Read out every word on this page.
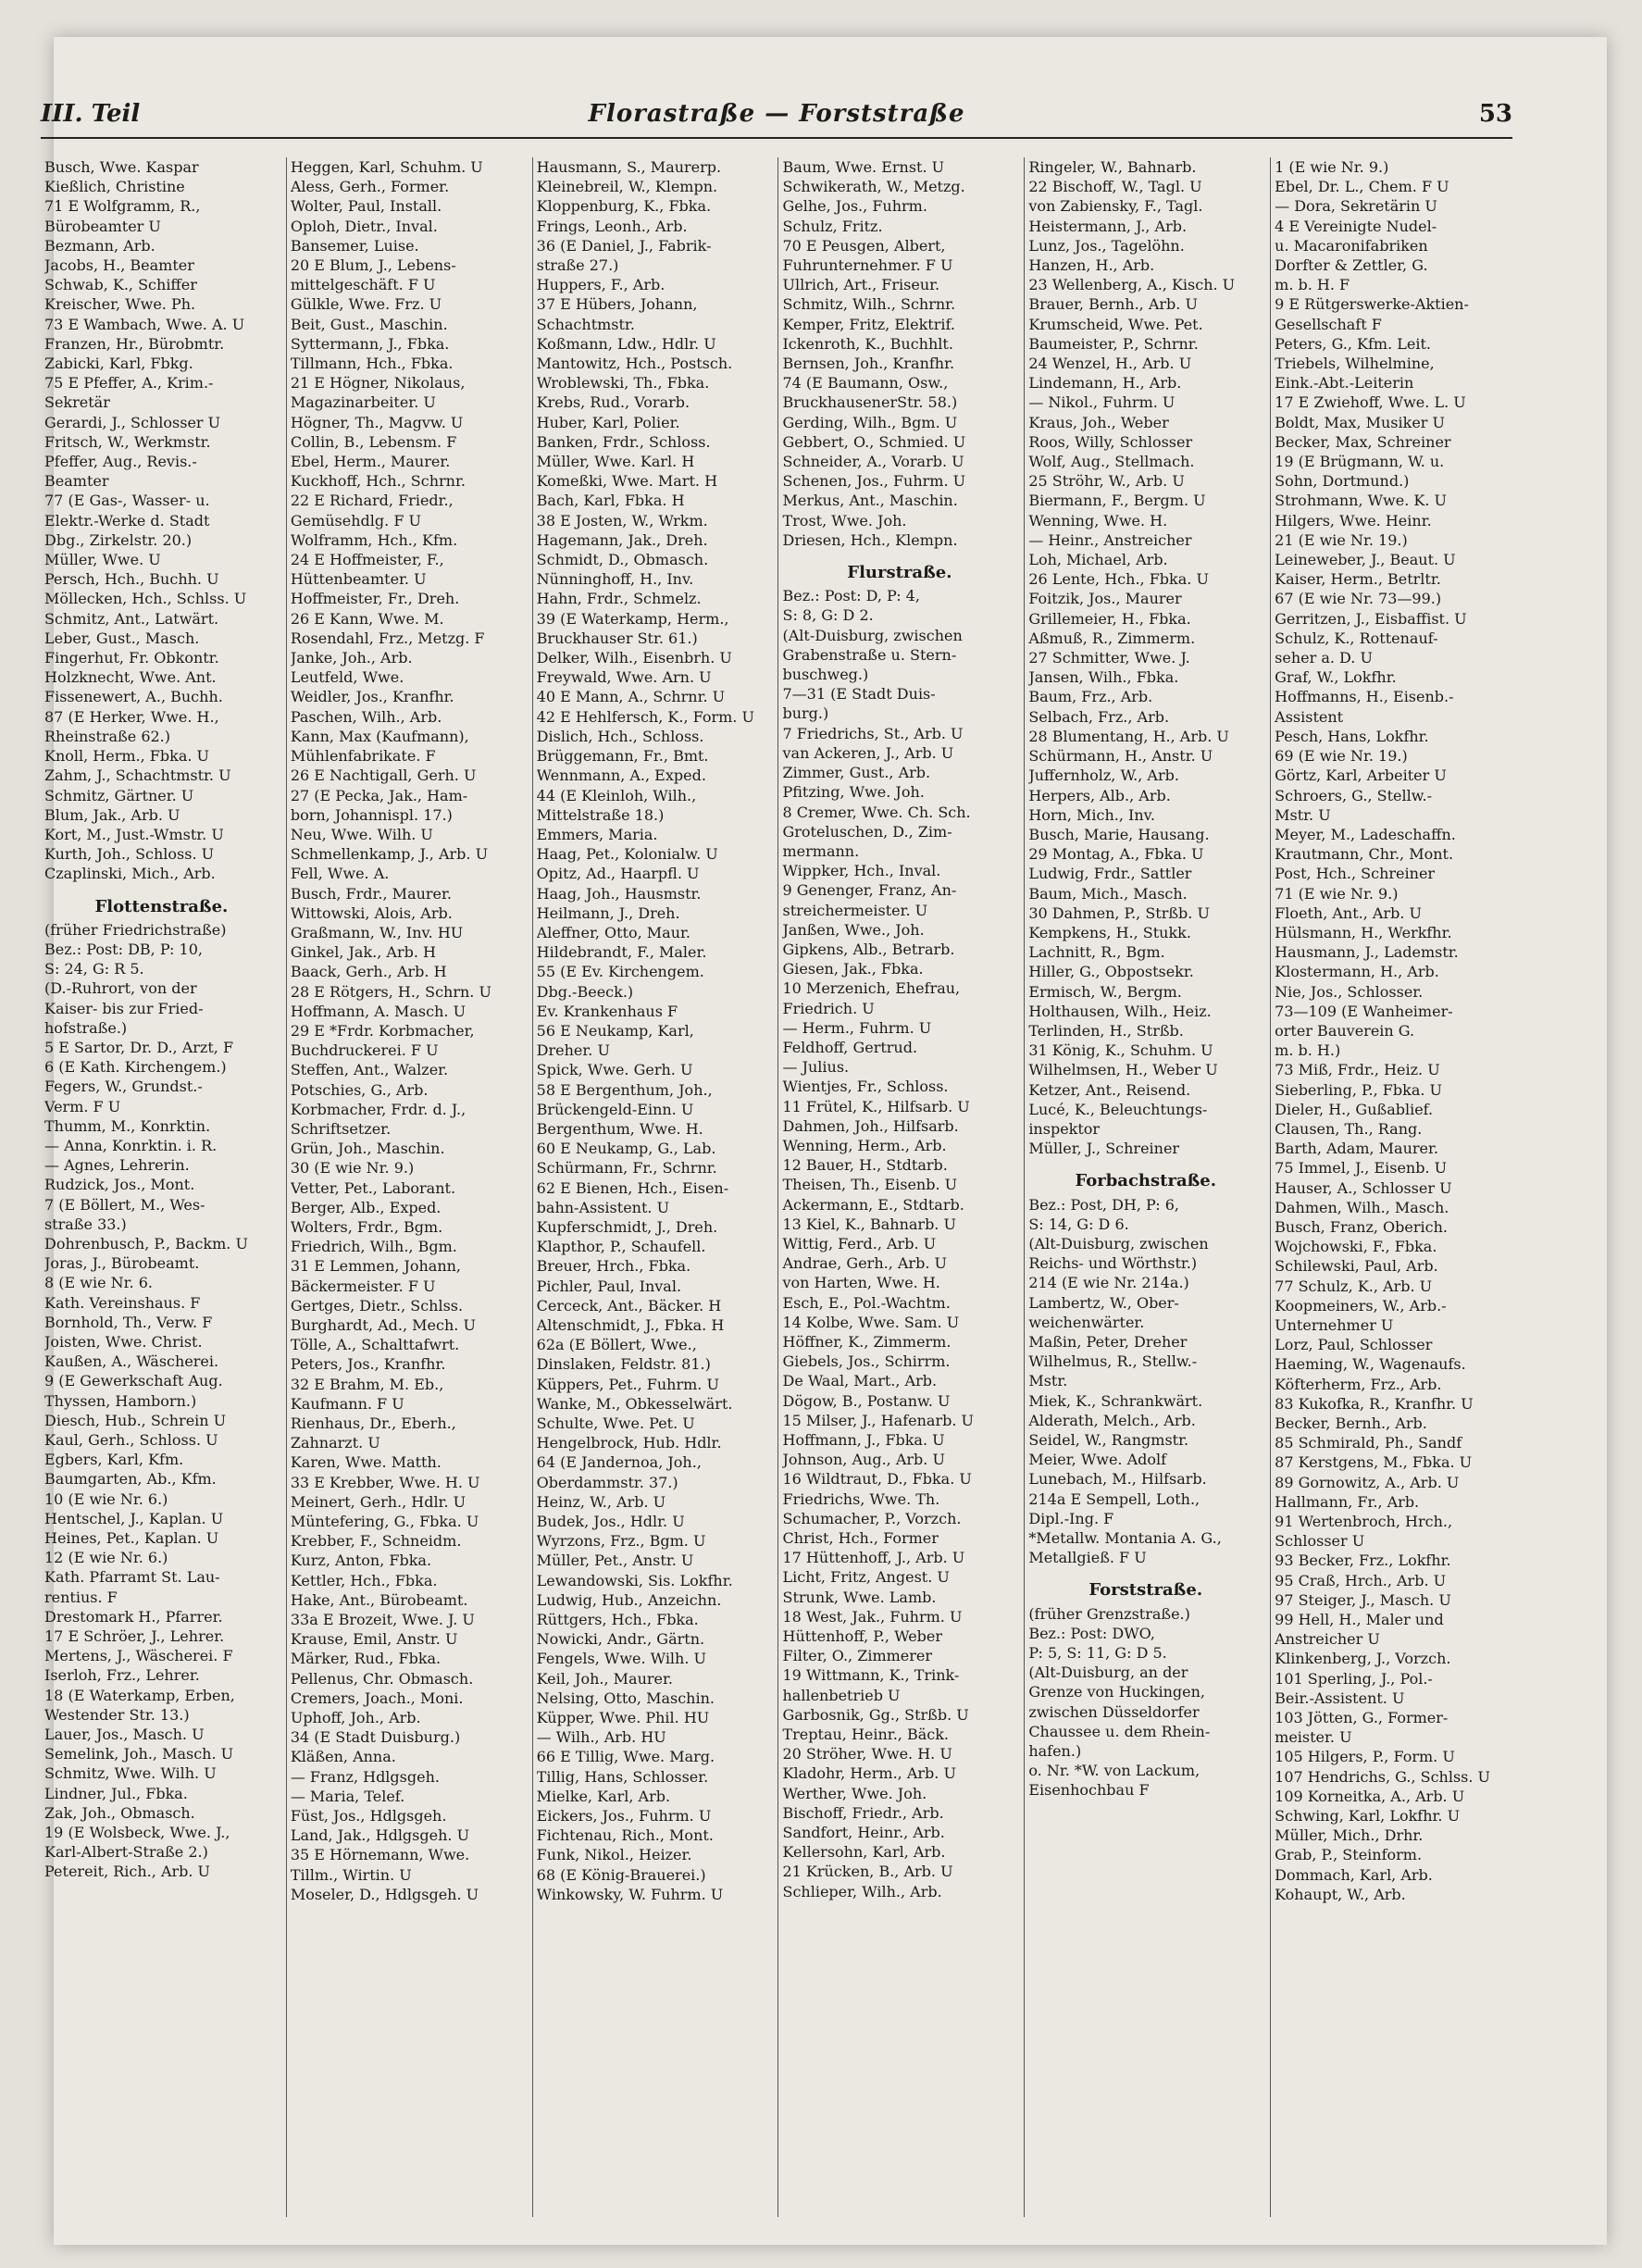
III. Teil	Florastraße — Forststraße	53
Busch, Wwe. Kaspar
Kießlich, Christine
71 E Wolfgramm, R.,
Bürobeamter U
Bezmann, Arb.
Jacobs, H., Beamter
Schwab, K., Schiffer
Kreischer, Wwe. Ph.
73 E Wambach, Wwe. A. U
Franzen, Hr., Bürobmtr.
Zabicki, Karl, Fbkg.
75 E Pfeffer, A., Krim.-
Sekretär
Gerardi, J., Schlosser U
Fritsch, W., Werkmstr.
Pfeffer, Aug., Revis.-
Beamter
77 (E Gas-, Wasser- u.
Elektr.-Werke d. Stadt
Dbg., Zirkelstr. 20.)
Müller, Wwe. U
Persch, Hch., Buchh. U
Möllecken, Hch., Schlss. U
Schmitz, Ant., Latwärt.
Leber, Gust., Masch.
Fingerhut, Fr. Obkontr.
Holzknecht, Wwe. Ant.
Fissenewert, A., Buchh.
87 (E Herker, Wwe. H.,
Rheinstraße 62.)
Knoll, Herm., Fbka. U
Zahm, J., Schachtmstr. U
Schmitz, Gärtner. U
Blum, Jak., Arb. U
Kort, M., Just.-Wmstr. U
Kurth, Joh., Schloss. U
Czaplinski, Mich., Arb.
Flottenstraße.
(früher Friedrichstraße)
Bez.: Post: DB, P: 10,
S: 24, G: R 5.
(D.-Ruhrort, von der
Kaiser- bis zur Fried-
hofstraße.)
5 E Sartor, Dr. D., Arzt, F
6 (E Kath. Kirchengem.)
Fegers, W., Grundst.-
Verm. F U
Thumm, M., Konrktin.
— Anna, Konrktin. i. R.
— Agnes, Lehrerin.
Rudzick, Jos., Mont.
7 (E Böllert, M., Wes-
straße 33.)
Dohrenbusch, P., Backm. U
Joras, J., Bürobeamt.
8 (E wie Nr. 6.
Kath. Vereinshaus. F
Bornhold, Th., Verw. F
Joisten, Wwe. Christ.
Kaußen, A., Wäscherei.
9 (E Gewerkschaft Aug.
Thyssen, Hamborn.)
Diesch, Hub., Schrein U
Kaul, Gerh., Schloss. U
Egbers, Karl, Kfm.
Baumgarten, Ab., Kfm.
10 (E wie Nr. 6.)
Hentschel, J., Kaplan. U
Heines, Pet., Kaplan. U
12 (E wie Nr. 6.)
Kath. Pfarramt St. Lau-
rentius. F
Drestomark H., Pfarrer.
17 E Schröer, J., Lehrer.
Mertens, J., Wäscherei. F
Iserloh, Frz., Lehrer.
18 (E Waterkamp, Erben,
Westender Str. 13.)
Lauer, Jos., Masch. U
Semelink, Joh., Masch. U
Schmitz, Wwe. Wilh. U
Lindner, Jul., Fbka.
Zak, Joh., Obmasch.
19 (E Wolsbeck, Wwe. J.,
Karl-Albert-Straße 2.)
Petereit, Rich., Arb. U
Heggen, Karl, Schuhm. U
Aless, Gerh., Former.
Wolter, Paul, Install.
Oploh, Dietr., Inval.
Bansemer, Luise.
20 E Blum, J., Lebens-
mittelgeschäft. F U
Gülkle, Wwe. Frz. U
Beit, Gust., Maschin.
Syttermann, J., Fbka.
Tillmann, Hch., Fbka.
21 E Högner, Nikolaus,
Magazinarbeiter. U
Högner, Th., Magvw. U
Collin, B., Lebensm. F
Ebel, Herm., Maurer.
Kuckhoff, Hch., Schrnr.
22 E Richard, Friedr.,
Gemüsehdlg. F U
Wolframm, Hch., Kfm.
24 E Hoffmeister, F.,
Hüttenbeamter. U
Hoffmeister, Fr., Dreh.
26 E Kann, Wwe. M.
Rosendahl, Frz., Metzg. F
Janke, Joh., Arb.
Leutfeld, Wwe.
Weidler, Jos., Kranfhr.
Paschen, Wilh., Arb.
Kann, Max (Kaufmann),
Mühlenfabrikate. F
26 E Nachtigall, Gerh. U
27 (E Pecka, Jak., Ham-
born, Johannispl. 17.)
Neu, Wwe. Wilh. U
Schmellenkamp, J., Arb. U
Fell, Wwe. A.
Busch, Frdr., Maurer.
Wittowski, Alois, Arb.
Graßmann, W., Inv. HU
Ginkel, Jak., Arb. H
Baack, Gerh., Arb. H
28 E Rötgers, H., Schrn. U
Hoffmann, A. Masch. U
29 E *Frdr. Korbmacher,
Buchdruckerei. F U
Steffen, Ant., Walzer.
Potschies, G., Arb.
Korbmacher, Frdr. d. J.,
Schriftsetzer.
Grün, Joh., Maschin.
30 (E wie Nr. 9.)
Vetter, Pet., Laborant.
Berger, Alb., Exped.
Wolters, Frdr., Bgm.
Friedrich, Wilh., Bgm.
31 E Lemmen, Johann,
Bäckermeister. F U
Gertges, Dietr., Schlss.
Burghardt, Ad., Mech. U
Tölle, A., Schalttafwrt.
Peters, Jos., Kranfhr.
32 E Brahm, M. Eb.,
Kaufmann. F U
Rienhaus, Dr., Eberh.,
Zahnarzt. U
Karen, Wwe. Matth.
33 E Krebber, Wwe. H. U
Meinert, Gerh., Hdlr. U
Müntefering, G., Fbka. U
Krebber, F., Schneidm.
Kurz, Anton, Fbka.
Kettler, Hch., Fbka.
Hake, Ant., Bürobeamt.
33a E Brozeit, Wwe. J. U
Krause, Emil, Anstr. U
Märker, Rud., Fbka.
Pellenus, Chr. Obmasch.
Cremers, Joach., Moni.
Uphoff, Joh., Arb.
34 (E Stadt Duisburg.)
Kläßen, Anna.
— Franz, Hdlgsgeh.
— Maria, Telef.
Füst, Jos., Hdlgsgeh.
Land, Jak., Hdlgsgeh. U
35 E Hörnemann, Wwe.
Tillm., Wirtin. U
Moseler, D., Hdlgsgeh. U
Hausmann, S., Maurerp.
Kleinebreil, W., Klempn.
Kloppenburg, K., Fbka.
Frings, Leonh., Arb.
36 (E Daniel, J., Fabrik-
straße 27.)
Huppers, F., Arb.
37 E Hübers, Johann,
Schachtmstr.
Koßmann, Ldw., Hdlr. U
Mantowitz, Hch., Postsch.
Wroblewski, Th., Fbka.
Krebs, Rud., Vorarb.
Huber, Karl, Polier.
Banken, Frdr., Schloss.
Müller, Wwe. Karl. H
Komeßki, Wwe. Mart. H
Bach, Karl, Fbka. H
38 E Josten, W., Wrkm.
Hagemann, Jak., Dreh.
Schmidt, D., Obmasch.
Nünninghoff, H., Inv.
Hahn, Frdr., Schmelz.
39 (E Waterkamp, Herm.,
Bruckhauser Str. 61.)
Delker, Wilh., Eisenbrh. U
Freywald, Wwe. Arn. U
40 E Mann, A., Schrnr. U
42 E Hehlfersch, K., Form. U
Dislich, Hch., Schloss.
Brüggemann, Fr., Bmt.
Wennmann, A., Exped.
44 (E Kleinloh, Wilh.,
Mittelstraße 18.)
Emmers, Maria.
Haag, Pet., Kolonialw. U
Opitz, Ad., Haarpfl. U
Haag, Joh., Hausmstr.
Heilmann, J., Dreh.
Aleffner, Otto, Maur.
Hildebrandt, F., Maler.
55 (E Ev. Kirchengem.
Dbg.-Beeck.)
Ev. Krankenhaus F
56 E Neukamp, Karl,
Dreher. U
Spick, Wwe. Gerh. U
58 E Bergenthum, Joh.,
Brückengeld-Einn. U
Bergenthum, Wwe. H.
60 E Neukamp, G., Lab.
Schürmann, Fr., Schrnr.
62 E Bienen, Hch., Eisen-
bahn-Assistent. U
Kupferschmidt, J., Dreh.
Klapthor, P., Schaufell.
Breuer, Hrch., Fbka.
Pichler, Paul, Inval.
Cerceck, Ant., Bäcker. H
Altenschmidt, J., Fbka. H
62a (E Böllert, Wwe.,
Dinslaken, Feldstr. 81.)
Küppers, Pet., Fuhrm. U
Wanke, M., Obkesselwärt.
Schulte, Wwe. Pet. U
Hengelbrock, Hub. Hdlr.
64 (E Jandernoa, Joh.,
Oberdammstr. 37.)
Heinz, W., Arb. U
Budek, Jos., Hdlr. U
Wyrzons, Frz., Bgm. U
Müller, Pet., Anstr. U
Lewandowski, Sis. Lokfhr.
Ludwig, Hub., Anzeichn.
Rüttgers, Hch., Fbka.
Nowicki, Andr., Gärtn.
Fengels, Wwe. Wilh. U
Keil, Joh., Maurer.
Nelsing, Otto, Maschin.
Küpper, Wwe. Phil. HU
— Wilh., Arb. HU
66 E Tillig, Wwe. Marg.
Tillig, Hans, Schlosser.
Mielke, Karl, Arb.
Eickers, Jos., Fuhrm. U
Fichtenau, Rich., Mont.
Funk, Nikol., Heizer.
68 (E König-Brauerei.)
Winkowsky, W. Fuhrm. U
Baum, Wwe. Ernst. U
Schwikerath, W., Metzg.
Gelhe, Jos., Fuhrm.
Schulz, Fritz.
70 E Peusgen, Albert,
Fuhrunternehmer. F U
Ullrich, Art., Friseur.
Schmitz, Wilh., Schrnr.
Kemper, Fritz, Elektrif.
Ickenroth, K., Buchhlt.
Bernsen, Joh., Kranfhr.
74 (E Baumann, Osw.,
BruckhausenerStr. 58.)
Gerding, Wilh., Bgm. U
Gebbert, O., Schmied. U
Schneider, A., Vorarb. U
Schenen, Jos., Fuhrm. U
Merkus, Ant., Maschin.
Trost, Wwe. Joh.
Driesen, Hch., Klempn.
Flurstraße.
Bez.: Post: D, P: 4,
S: 8, G: D 2.
(Alt-Duisburg, zwischen
Grabenstraße u. Stern-
buschweg.)
7—31 (E Stadt Duis-
burg.)
7 Friedrichs, St., Arb. U
van Ackeren, J., Arb. U
Zimmer, Gust., Arb.
Pfitzing, Wwe. Joh.
8 Cremer, Wwe. Ch. Sch.
Groteluschen, D., Zim-
mermann.
Wippker, Hch., Inval.
9 Genenger, Franz, An-
streichermeister. U
Janßen, Wwe., Joh.
Gipkens, Alb., Betrarb.
Giesen, Jak., Fbka.
10 Merzenich, Ehefrau,
Friedrich. U
— Herm., Fuhrm. U
Feldhoff, Gertrud.
— Julius.
Wientjes, Fr., Schloss.
11 Frütel, K., Hilfsarb. U
Dahmen, Joh., Hilfsarb.
Wenning, Herm., Arb.
12 Bauer, H., Stdtarb.
Theisen, Th., Eisenb. U
Ackermann, E., Stdtarb.
13 Kiel, K., Bahnarb. U
Wittig, Ferd., Arb. U
Andrae, Gerh., Arb. U
von Harten, Wwe. H.
Esch, E., Pol.-Wachtm.
14 Kolbe, Wwe. Sam. U
Höffner, K., Zimmerm.
Giebels, Jos., Schirrm.
De Waal, Mart., Arb.
Dögow, B., Postanw. U
15 Milser, J., Hafenarb. U
Hoffmann, J., Fbka. U
Johnson, Aug., Arb. U
16 Wildtraut, D., Fbka. U
Friedrichs, Wwe. Th.
Schumacher, P., Vorzch.
Christ, Hch., Former
17 Hüttenhoff, J., Arb. U
Licht, Fritz, Angest. U
Strunk, Wwe. Lamb.
18 West, Jak., Fuhrm. U
Hüttenhoff, P., Weber
Filter, O., Zimmerer
19 Wittmann, K., Trink-
hallenbetrieb U
Garbosnik, Gg., Strßb. U
Treptau, Heinr., Bäck.
20 Ströher, Wwe. H. U
Kladohr, Herm., Arb. U
Werther, Wwe. Joh.
Bischoff, Friedr., Arb.
Sandfort, Heinr., Arb.
Kellersohn, Karl, Arb.
21 Krücken, B., Arb. U
Schlieper, Wilh., Arb.
Ringeler, W., Bahnarb.
22 Bischoff, W., Tagl. U
von Zabiensky, F., Tagl.
Heistermann, J., Arb.
Lunz, Jos., Tagelöhn.
Hanzen, H., Arb.
23 Wellenberg, A., Kisch. U
Brauer, Bernh., Arb. U
Krumscheid, Wwe. Pet.
Baumeister, P., Schrnr.
24 Wenzel, H., Arb. U
Lindemann, H., Arb.
— Nikol., Fuhrm. U
Kraus, Joh., Weber
Roos, Willy, Schlosser
Wolf, Aug., Stellmach.
25 Ströhr, W., Arb. U
Biermann, F., Bergm. U
Wenning, Wwe. H.
— Heinr., Anstreicher
Loh, Michael, Arb.
26 Lente, Hch., Fbka. U
Foitzik, Jos., Maurer
Grillemeier, H., Fbka.
Aßmuß, R., Zimmerm.
27 Schmitter, Wwe. J.
Jansen, Wilh., Fbka.
Baum, Frz., Arb.
Selbach, Frz., Arb.
28 Blumentang, H., Arb. U
Schürmann, H., Anstr. U
Juffernholz, W., Arb.
Herpers, Alb., Arb.
Horn, Mich., Inv.
Busch, Marie, Hausang.
29 Montag, A., Fbka. U
Ludwig, Frdr., Sattler
Baum, Mich., Masch.
30 Dahmen, P., Strßb. U
Kempkens, H., Stukk.
Lachnitt, R., Bgm.
Hiller, G., Obpostsekr.
Ermisch, W., Bergm.
Holthausen, Wilh., Heiz.
Terlinden, H., Strßb.
31 König, K., Schuhm. U
Wilhelmsen, H., Weber U
Ketzer, Ant., Reisend.
Lucé, K., Beleuchtungs-
inspektor
Müller, J., Schreiner
Forbachstraße.
Bez.: Post, DH, P: 6,
S: 14, G: D 6.
(Alt-Duisburg, zwischen
Reichs- und Wörthstr.)
214 (E wie Nr. 214a.)
Lambertz, W., Ober-
weichenwärter.
Maßin, Peter, Dreher
Wilhelmus, R., Stellw.-
Mstr.
Miek, K., Schrankwärt.
Alderath, Melch., Arb.
Seidel, W., Rangmstr.
Meier, Wwe. Adolf
Lunebach, M., Hilfsarb.
214a E Sempell, Loth.,
Dipl.-Ing. F
*Metallw. Montania A. G.,
Metallgieß. F U
Forststraße.
(früher Grenzstraße.)
Bez.: Post: DWO,
P: 5, S: 11, G: D 5.
(Alt-Duisburg, an der
Grenze von Huckingen,
zwischen Düsseldorfer
Chaussee u. dem Rhein-
hafen.)
o. Nr. *W. von Lackum,
Eisenhochbau F
1 (E wie Nr. 9.)
Ebel, Dr. L., Chem. F U
— Dora, Sekretärin U
4 E Vereinigte Nudel-
u. Macaronifabriken
Dorfter & Zettler, G.
m. b. H. F
9 E Rütgerswerke-Aktien-
Gesellschaft F
Peters, G., Kfm. Leit.
Triebels, Wilhelmine,
Eink.-Abt.-Leiterin
17 E Zwiehoff, Wwe. L. U
Boldt, Max, Musiker U
Becker, Max, Schreiner
19 (E Brügmann, W. u.
Sohn, Dortmund.)
Strohmann, Wwe. K. U
Hilgers, Wwe. Heinr.
21 (E wie Nr. 19.)
Leineweber, J., Beaut. U
Kaiser, Herm., Betrltr.
67 (E wie Nr. 73—99.)
Gerritzen, J., Eisbaffist. U
Schulz, K., Rottenauf-
seher a. D. U
Graf, W., Lokfhr.
Hoffmanns, H., Eisenb.-
Assistent
Pesch, Hans, Lokfhr.
69 (E wie Nr. 19.)
Görtz, Karl, Arbeiter U
Schroers, G., Stellw.-
Mstr. U
Meyer, M., Ladeschaffn.
Krautmann, Chr., Mont.
Post, Hch., Schreiner
71 (E wie Nr. 9.)
Floeth, Ant., Arb. U
Hülsmann, H., Werkfhr.
Hausmann, J., Lademstr.
Klostermann, H., Arb.
Nie, Jos., Schlosser.
73—109 (E Wanheimer-
orter Bauverein G.
m. b. H.)
73 Miß, Frdr., Heiz. U
Sieberling, P., Fbka. U
Dieler, H., Gußablief.
Clausen, Th., Rang.
Barth, Adam, Maurer.
75 Immel, J., Eisenb. U
Hauser, A., Schlosser U
Dahmen, Wilh., Masch.
Busch, Franz, Oberich.
Wojchowski, F., Fbka.
Schilewski, Paul, Arb.
77 Schulz, K., Arb. U
Koopmeiners, W., Arb.-
Unternehmer U
Lorz, Paul, Schlosser
Haeming, W., Wagenaufs.
Köfterherm, Frz., Arb.
83 Kukofka, R., Kranfhr. U
Becker, Bernh., Arb.
85 Schmirald, Ph., Sandf
87 Kerstgens, M., Fbka. U
89 Gornowitz, A., Arb. U
Hallmann, Fr., Arb.
91 Wertenbroch, Hrch.,
Schlosser U
93 Becker, Frz., Lokfhr.
95 Craß, Hrch., Arb. U
97 Steiger, J., Masch. U
99 Hell, H., Maler und
Anstreicher U
Klinkenberg, J., Vorzch.
101 Sperling, J., Pol.-
Beir.-Assistent. U
103 Jötten, G., Former-
meister. U
105 Hilgers, P., Form. U
107 Hendrichs, G., Schlss. U
109 Korneitka, A., Arb. U
Schwing, Karl, Lokfhr. U
Müller, Mich., Drhr.
Grab, P., Steinform.
Dommach, Karl, Arb.
Kohaupt, W., Arb.
